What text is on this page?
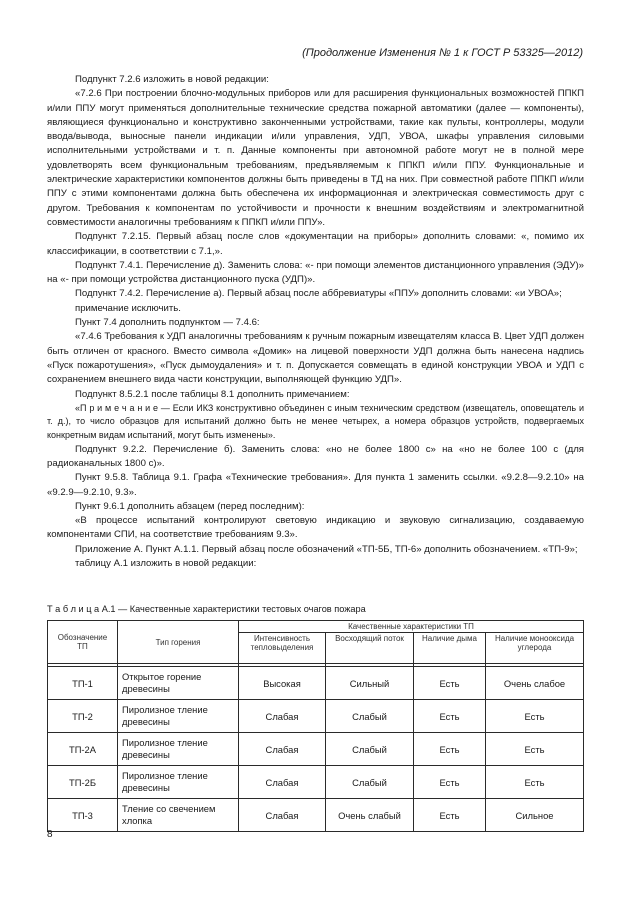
(Продолжение Изменения № 1 к ГОСТ Р 53325—2012)

Подпункт 7.2.6 изложить в новой редакции:

«7.2.6 При построении блочно-модульных приборов или для расширения функциональных возможностей ППКП и/или ППУ могут применяться дополнительные технические средства пожарной автоматики (далее — компоненты), являющиеся функционально и конструктивно законченными устройствами, такие как пульты, контроллеры, модули ввода/вывода, выносные панели индикации и/или управления, УДП, УВОА, шкафы управления силовыми исполнительными устройствами и т. п. Данные компоненты при автономной работе могут не в полной мере удовлетворять всем функциональным требованиям, предъявляемым к ППКП и/или ППУ. Функциональные и электрические характеристики компонентов должны быть приведены в ТД на них. При совместной работе ППКП и/или ППУ с этими компонентами должна быть обеспечена их информационная и электрическая совместимость друг с другом. Требования к компонентам по устойчивости и прочности к внешним воздействиям и электромагнитной совместимости аналогичны требованиям к ППКП и/или ППУ».

Подпункт 7.2.15. Первый абзац после слов «документации на приборы» дополнить словами: «, помимо их классификации, в соответствии с 7.1,».

Подпункт 7.4.1. Перечисление д). Заменить слова: «- при помощи элементов дистанционного управления (ЭДУ)» на «- при помощи устройства дистанционного пуска (УДП)».

Подпункт 7.4.2. Перечисление а). Первый абзац после аббревиатуры «ППУ» дополнить словами: «и УВОА»;

примечание исключить.

Пункт 7.4 дополнить подпунктом — 7.4.6:

«7.4.6 Требования к УДП аналогичны требованиям к ручным пожарным извещателям класса В. Цвет УДП должен быть отличен от красного. Вместо символа «Домик» на лицевой поверхности УДП должна быть нанесена надпись «Пуск пожаротушения», «Пуск дымоудаления» и т. п. Допускается совмещать в единой конструкции УВОА и УДП с сохранением внешнего вида части конструкции, выполняющей функцию УДП».

Подпункт 8.5.2.1 после таблицы 8.1 дополнить примечанием:

«П р и м е ч а н и е — Если ИКЗ конструктивно объединен с иным техническим средством (извещатель, оповещатель и т. д.), то число образцов для испытаний должно быть не менее четырех, а номера образцов устройств, подвергаемых конкретным видам испытаний, могут быть изменены».

Подпункт 9.2.2. Перечисление б). Заменить слова: «но не более 1800 с» на «но не более 100 с (для радиоканальных 1800 с)».

Пункт 9.5.8. Таблица 9.1. Графа «Технические требования». Для пункта 1 заменить ссылки. «9.2.8—9.2.10» на «9.2.9—9.2.10, 9.3».

Пункт 9.6.1 дополнить абзацем (перед последним):

«В процессе испытаний контролируют световую индикацию и звуковую сигнализацию, создаваемую компонентами СПИ, на соответствие требованиям 9.3».

Приложение А. Пункт А.1.1. Первый абзац после обозначений «ТП-5Б, ТП-6» дополнить обозначением. «ТП-9»;

таблицу А.1 изложить в новой редакции:

Т а б л и ц а А.1 — Качественные характеристики тестовых очагов пожара
Обозначение ТП	Тип горения	Качественные характеристики ТП			
		Интенсивность тепловыделения	Восходящий поток	Наличие дыма	Наличие монооксида углерода

ТП-1	Открытое горение древесины	Высокая	Сильный	Есть	Очень слабое
ТП-2	Пиролизное тление древесины	Слабая	Слабый	Есть	Есть
ТП-2А	Пиролизное тление древесины	Слабая	Слабый	Есть	Есть
ТП-2Б	Пиролизное тление древесины	Слабая	Слабый	Есть	Есть
ТП-3	Тление со свечением хлопка	Слабая	Очень слабый	Есть	Сильное
8
